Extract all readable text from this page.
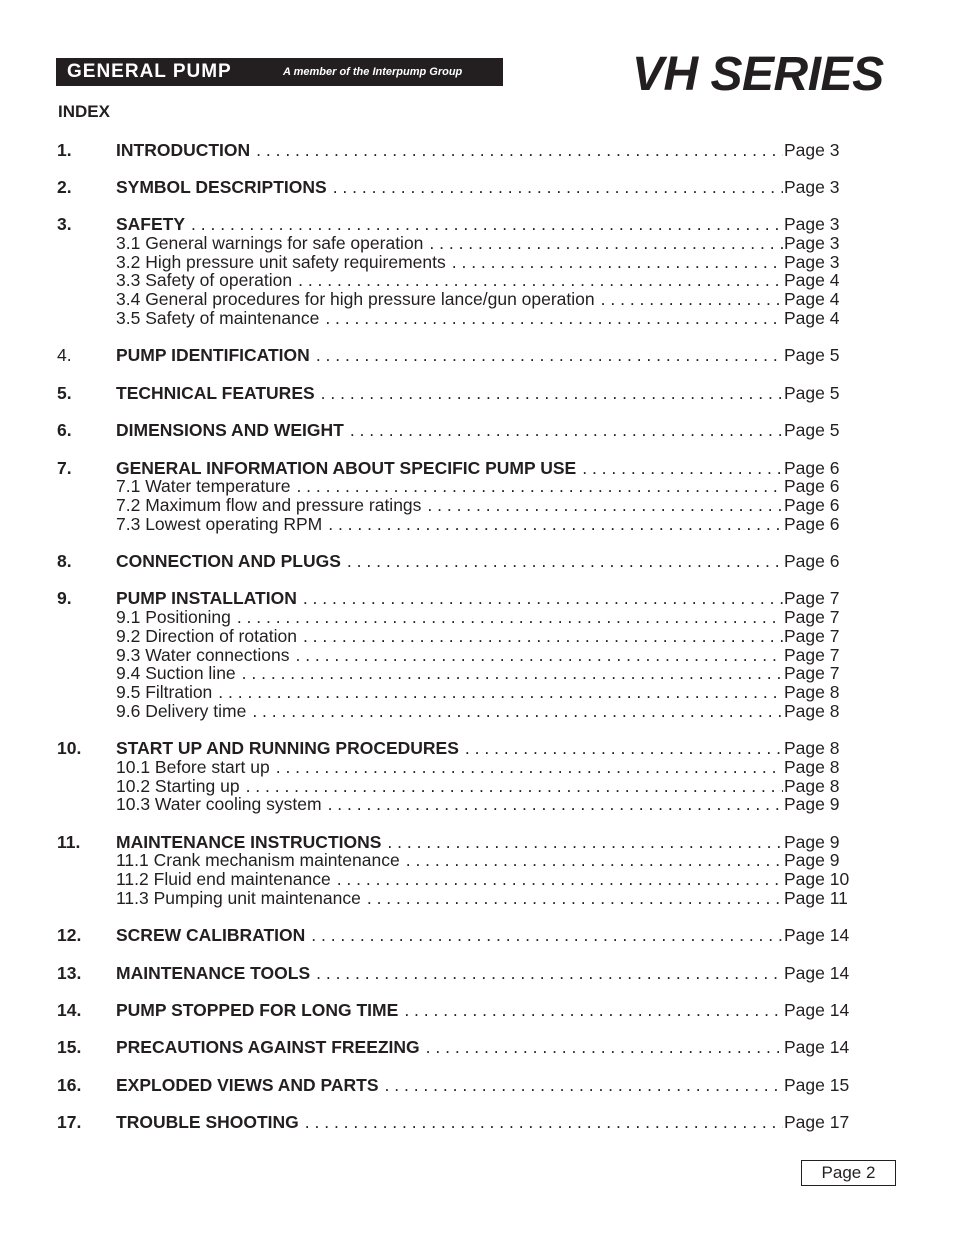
GENERAL PUMP	A member of the Interpump Group	VH SERIES
INDEX
1.	INTRODUCTION . . .	Page 3
2.	SYMBOL DESCRIPTIONS . . .	Page 3
3.	SAFETY . . .	Page 3
3.1 General warnings for safe operation . . .	Page 3
3.2 High pressure unit safety requirements . . .	Page 3
3.3 Safety of operation . . .	Page 4
3.4 General procedures for high pressure lance/gun operation . . .	Page 4
3.5 Safety of maintenance . . .	Page 4
4.	PUMP IDENTIFICATION . . .	Page 5
5.	TECHNICAL FEATURES . . .	Page 5
6.	DIMENSIONS AND WEIGHT . . .	Page 5
7.	GENERAL INFORMATION ABOUT SPECIFIC PUMP USE . . .	Page 6
7.1 Water temperature . . .	Page 6
7.2 Maximum flow and pressure ratings . . .	Page 6
7.3 Lowest operating RPM . . .	Page 6
8.	CONNECTION AND PLUGS . . .	Page 6
9.	PUMP INSTALLATION . . .	Page 7
9.1 Positioning . . .	Page 7
9.2 Direction of rotation . . .	Page 7
9.3 Water connections . . .	Page 7
9.4 Suction line . . .	Page 7
9.5 Filtration . . .	Page 8
9.6 Delivery time . . .	Page 8
10. START UP AND RUNNING PROCEDURES . . .	Page 8
10.1 Before start up . . .	Page 8
10.2 Starting up . . .	Page 8
10.3 Water cooling system . . .	Page 9
11. MAINTENANCE INSTRUCTIONS . . .	Page 9
11.1 Crank mechanism maintenance . . .	Page 9
11.2 Fluid end maintenance . . .	Page 10
11.3 Pumping unit maintenance . . .	Page 11
12. SCREW CALIBRATION . . .	Page 14
13. MAINTENANCE TOOLS . . .	Page 14
14. PUMP STOPPED FOR LONG TIME . . .	Page 14
15. PRECAUTIONS AGAINST FREEZING . . .	Page 14
16. EXPLODED VIEWS AND PARTS . . .	Page 15
17. TROUBLE SHOOTING . . .	Page 17
Page 2
